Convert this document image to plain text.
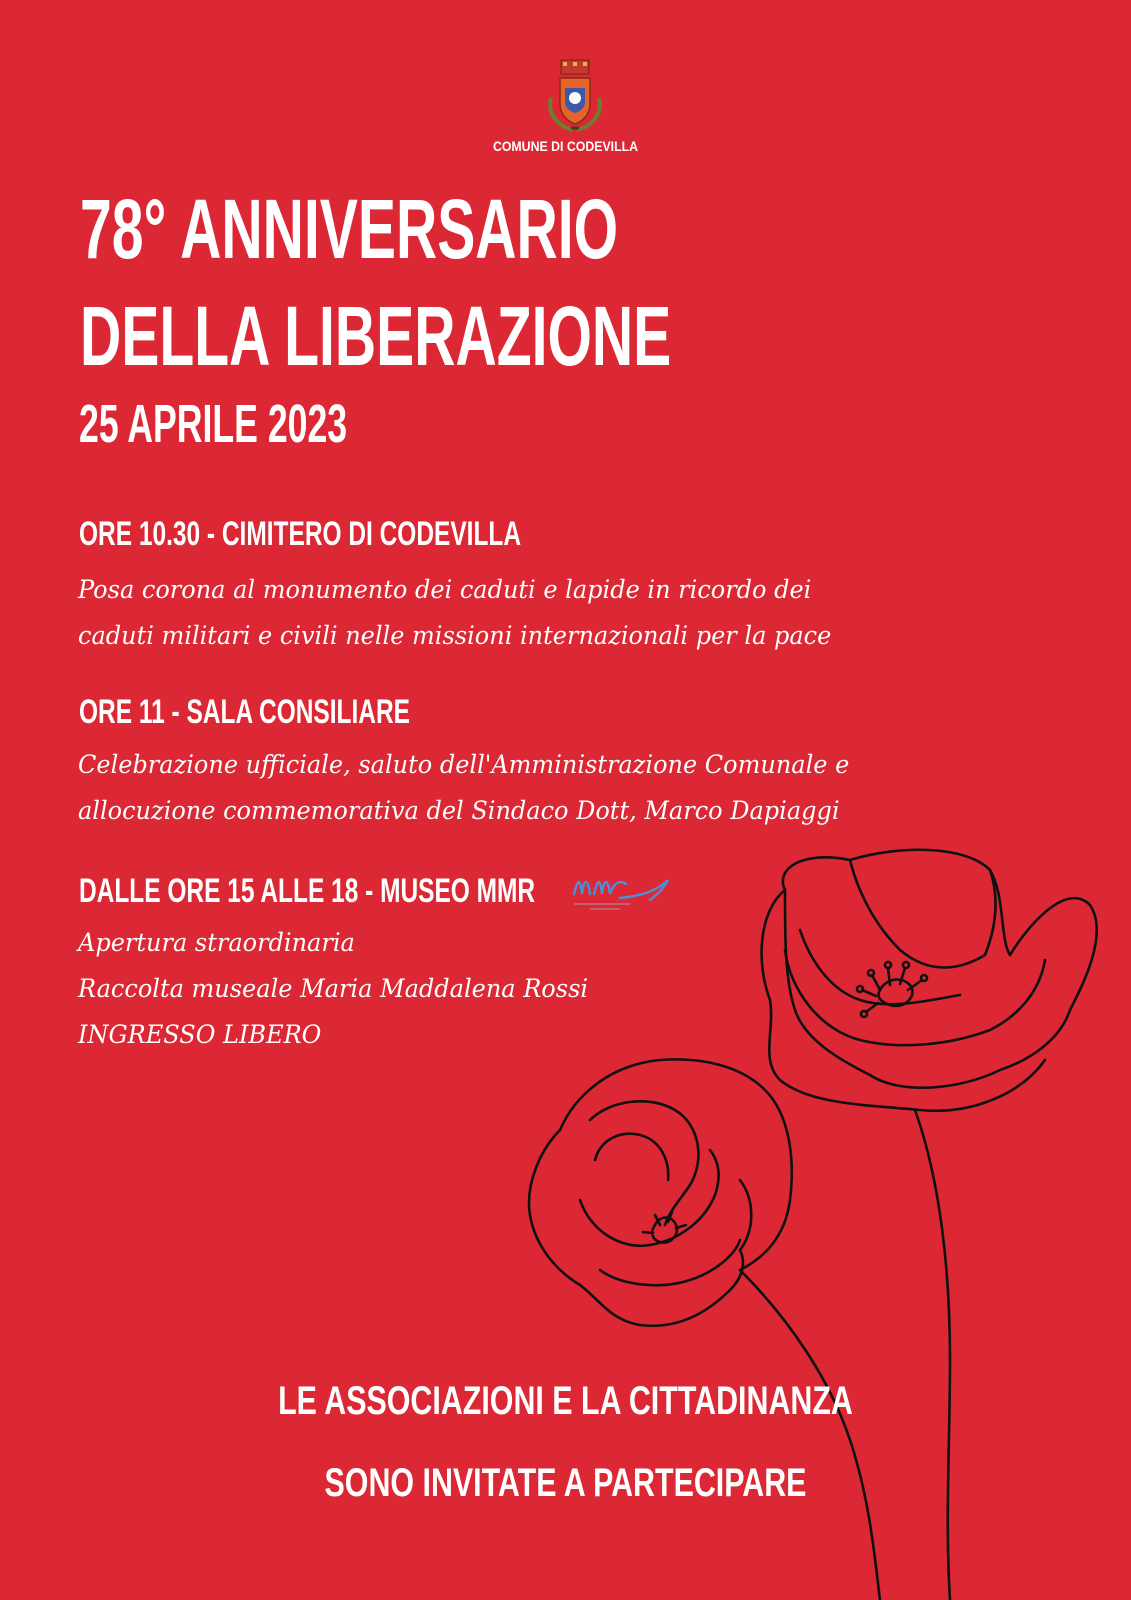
COMUNE DI CODEVILLA
78° ANNIVERSARIO
DELLA LIBERAZIONE
25 APRILE 2023
ORE 10.30 - CIMITERO DI CODEVILLA
Posa corona al monumento dei caduti e lapide in ricordo dei
caduti militari e civili nelle missioni internazionali per la pace
ORE 11 - SALA CONSILIARE
Celebrazione ufficiale, saluto dell'Amministrazione Comunale e
allocuzione commemorativa del Sindaco Dott, Marco Dapiaggi
DALLE ORE 15 ALLE 18 - MUSEO MMR
Apertura straordinaria
Raccolta museale Maria Maddalena Rossi
INGRESSO LIBERO
LE ASSOCIAZIONI E LA CITTADINANZA
SONO INVITATE A PARTECIPARE
